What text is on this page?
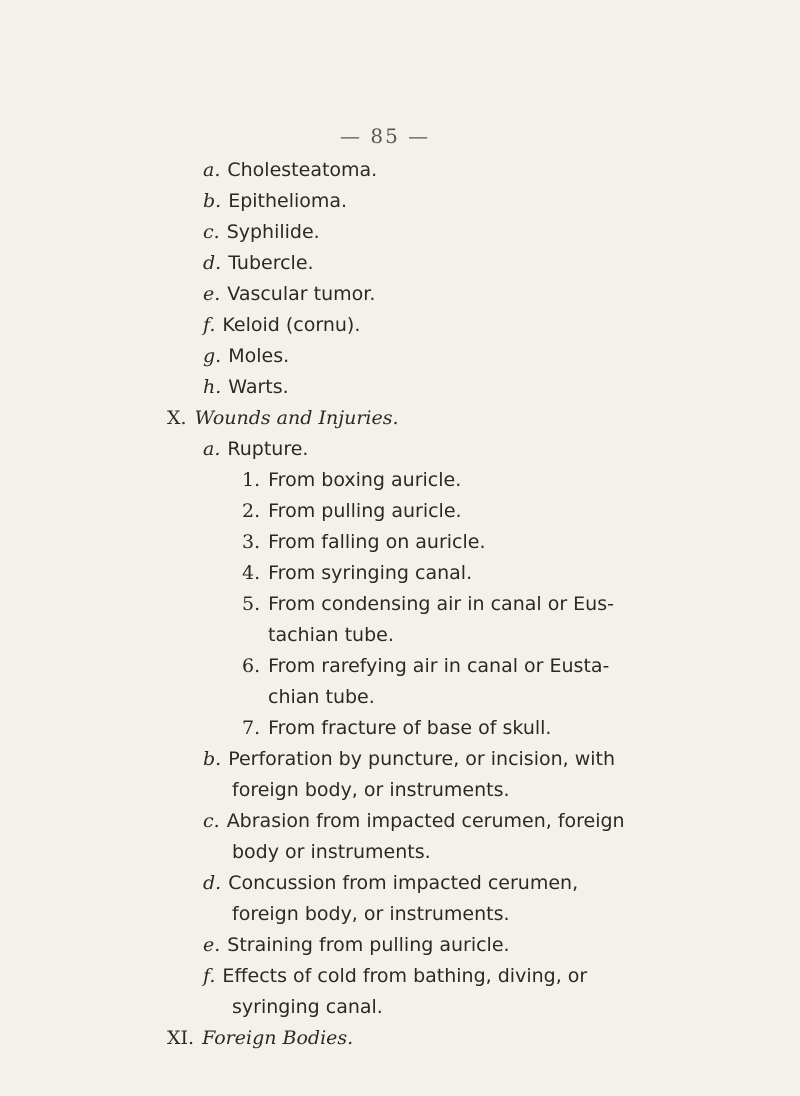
— 85 —
a. Cholesteatoma.
b. Epithelioma.
c. Syphilide.
d. Tubercle.
e. Vascular tumor.
f. Keloid (cornu).
g. Moles.
h. Warts.
X. Wounds and Injuries.
a. Rupture.
1. From boxing auricle.
2. From pulling auricle.
3. From falling on auricle.
4. From syringing canal.
5. From condensing air in canal or Eus-
tachian tube.
6. From rarefying air in canal or Eusta-
chian tube.
7. From fracture of base of skull.
b. Perforation by puncture, or incision, with
foreign body, or instruments.
c. Abrasion from impacted cerumen, foreign
body or instruments.
d. Concussion from impacted cerumen,
foreign body, or instruments.
e. Straining from pulling auricle.
f. Effects of cold from bathing, diving, or
syringing canal.
XI. Foreign Bodies.
